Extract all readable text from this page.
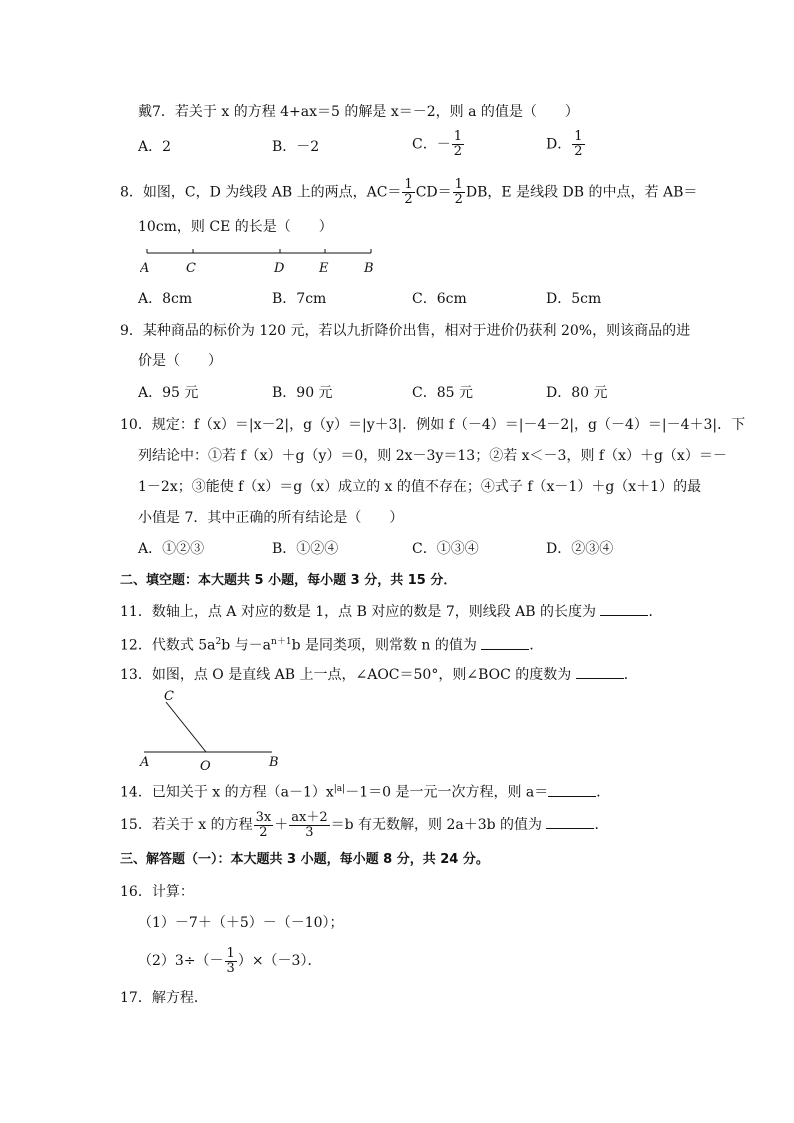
戴7．若关于 x 的方程 4+ax＝5 的解是 x＝－2，则 a 的值是（　　）
A．2	B．－2	C．－ $\frac{1}{2}$	D． $\frac{1}{2}$
8．如图，C，D 为线段 AB 上的两点，$AC= \frac{1}{2} CD= \frac{1}{2}$ DB，E 是线段 DB 的中点，若 AB＝
10cm，则 CE 的长是（　　）
A	C	D	E	B
A．8cm	B．7cm	C．6cm	D．5cm
9．某种商品的标价为 120 元，若以九折降价出售，相对于进价仍获利 20%，则该商品的进
价是（　　）
A．95 元	B．90 元	C．85 元	D．80 元
10．规定：f（x）＝|x－2|，g（y）＝|y＋3|．例如 f（－4）＝|－4－2|，g（－4）＝|－4＋3|．下
列结论中：①若 f（x）＋g（y）＝0，则 2x－3y＝13；②若 x＜－3，则 f（x）＋g（x）＝－
1－2x；③能使 f（x）＝g（x）成立的 x 的值不存在；④式子 f（x－1）＋g（x＋1）的最
小值是 7．其中正确的所有结论是（　　）
A．①②③	B．①②④	C．①③④	D．②③④
二、填空题：本大题共 5 小题，每小题 3 分，共 15 分．
11．数轴上，点 A 对应的数是 1，点 B 对应的数是 7，则线段 AB 的长度为	．
12．代数式 $5a^2b$ 与$-a^{n+1}b$ 是同类项，则常数 n 的值为	．
13．如图，点 O 是直线 AB 上一点，∠AOC＝50°，则∠BOC 的度数为	．
C
A	O	B
14．已知关于 x 的方程$(a-1)x^{|a|}-1=0$ 是一元一次方程，则 a＝	．
15．若关于 x 的方程 $\frac{3x}{2} + \frac{ax+2}{3} =b$ 有无数解，则 2a＋3b 的值为	．
三、解答题（一）：本大题共 3 小题，每小题 8 分，共 24 分。
16．计算：
（1）－7＋（＋5）－（－10）；
$(2)3\div(- \frac{1}{3} )\times(-3)$．
17．解方程．
